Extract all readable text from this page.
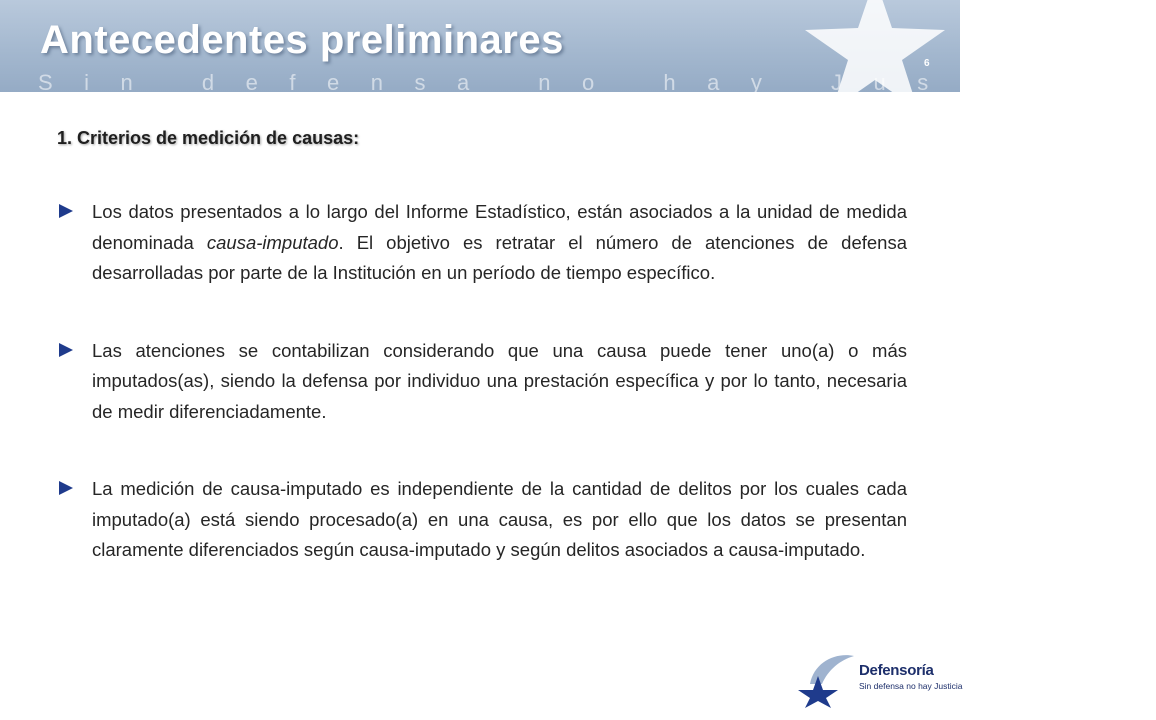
Antecedentes preliminares
Sin defensa no hay Justicia
6
1. Criterios de medición de causas:

Los datos presentados a lo largo del Informe Estadístico, están asociados a la unidad de medida denominada causa-imputado. El objetivo es retratar el número de atenciones de defensa desarrolladas por parte de la Institución en un período de tiempo específico.

Las atenciones se contabilizan considerando que una causa puede tener uno(a) o más imputados(as), siendo la defensa por individuo una prestación específica y por lo tanto, necesaria de medir diferenciadamente.

La medición de causa-imputado es independiente de la cantidad de delitos por los cuales cada imputado(a) está siendo procesado(a) en una causa, es por ello que los datos se presentan claramente diferenciados según causa-imputado y según delitos asociados a causa-imputado.

Defensoría
Sin defensa no hay Justicia
